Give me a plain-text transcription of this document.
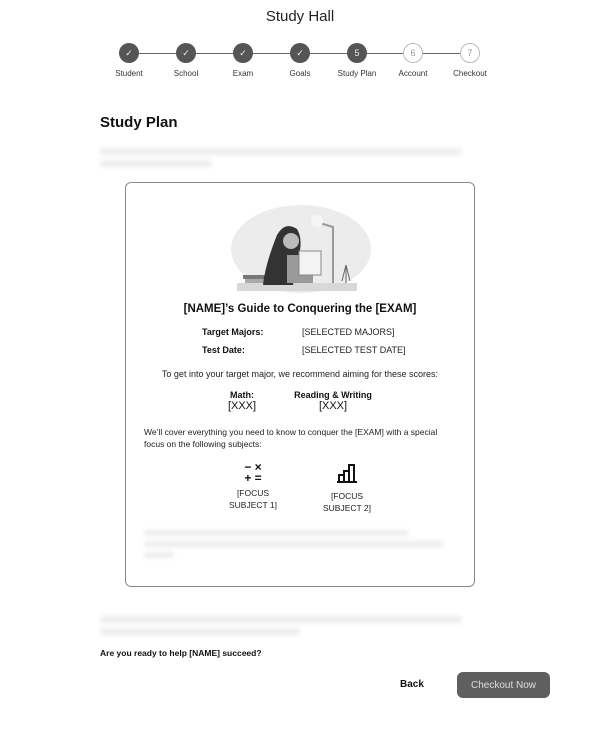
Study Hall
✓
Student
✓
School
✓
Exam
✓
Goals
5
Study Plan
6
Account
7
Checkout
Study Plan
[NAME]’s Guide to Conquering the [EXAM]
Target Majors:	[SELECTED MAJORS]
Test Date:	[SELECTED TEST DATE]
To get into your target major, we recommend aiming for these scores:
Math:
[XXX]
Reading & Writing
[XXX]
We’ll cover everything you need to know to conquer the [EXAM] with a special
focus on the following subjects:
− ×
+ =
[FOCUS
SUBJECT 1]
[FOCUS
SUBJECT 2]
Are you ready to help [NAME] succeed?
Back	Checkout Now
